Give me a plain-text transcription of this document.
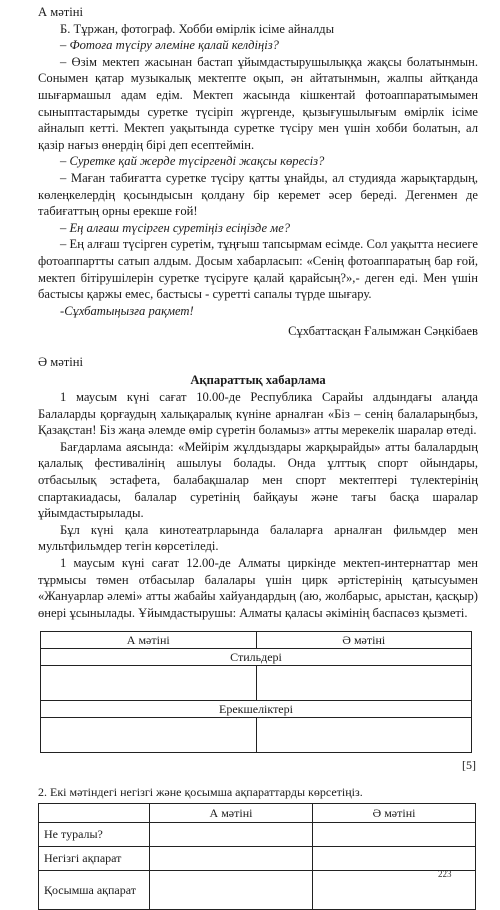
А мәтіні

Б. Тұржан, фотограф. Хобби өмірлік ісіме айналды

– Фотоға түсіру әлеміне қалай келдіңіз?

– Өзім мектеп жасынан бастап ұйымдастырушылыққа жақсы болатынмын. Сонымен қатар музыкалық мектепте оқып, ән айтатынмын, жалпы айтқанда шығармашыл адам едім. Мектеп жасында кішкентай фотоаппаратымымен сыныптастарымды суретке түсіріп жүргенде, қызығушылығым өмірлік ісіме айналып кетті. Мектеп уақытында суретке түсіру мен үшін хобби болатын, ал қазір нағыз өнердің бірі деп есептеймін.

– Суретке қай жерде түсіргенді жақсы көресіз?

– Маған табиғатта суретке түсіру қатты ұнайды, ал студияда жарықтардың, көлеңкелердің қосындысын қолдану бір керемет әсер береді. Дегенмен де табиғаттың орны ерекше ғой!

– Ең алғаш түсірген суретіңіз есіңізде ме?

– Ең алғаш түсірген суретім, тұңғыш тапсырмам есімде. Сол уақытта несиеге фотоаппартты сатып алдым. Досым хабарласып: «Сенің фотоаппаратың бар ғой, мектеп бітірушілерін суретке түсіруге қалай қарайсың?»,- деген еді. Мен үшін бастысы қаржы емес, бастысы - суретті сапалы түрде шығару.

-Сұхбатыңызға рақмет!

Сұхбаттасқан Ғалымжан Сәңкібаев

Ә мәтіні

Ақпараттық хабарлама

1 маусым күні сағат 10.00-де Республика Сарайы алдындағы алаңда Балаларды қорғаудың халықаралық күніне арналған «Біз – сенің балаларыңбыз, Қазақстан! Біз жаңа әлемде өмір сүретін боламыз» атты мерекелік шаралар өтеді.

Бағдарлама аясында: «Мейірім жұлдыздары жарқырайды» атты балалардың қалалық фестивалінің ашылуы болады. Онда ұлттық спорт ойындары, отбасылық эстафета, балабақшалар мен спорт мектептері түлектерінің спартакиадасы, балалар суретінің байқауы және тағы басқа шаралар ұйымдастырылады.

Бұл күні қала кинотеатрларында балаларға арналған фильмдер мен мультфильмдер тегін көрсетіледі.

1 маусым күні сағат 12.00-де Алматы циркінде мектеп-интернаттар мен тұрмысы төмен отбасылар балалары үшін цирк әртістерінің қатысуымен «Жануарлар әлемі» атты жабайы хайуандардың (аю, жолбарыс, арыстан, қасқыр) өнері ұсынылады. Ұйымдастырушы: Алматы қаласы әкімінің баспасөз қызметі.

А мәтіні	Ә мәтіні
Стильдері	

Ерекшеліктері	

[5]

2. Екі мәтіндегі негізгі және қосымша ақпараттарды көрсетіңіз.

	А мәтіні	Ә мәтіні
Не туралы?		
Негізгі ақпарат		
Қосымша ақпарат		
223
